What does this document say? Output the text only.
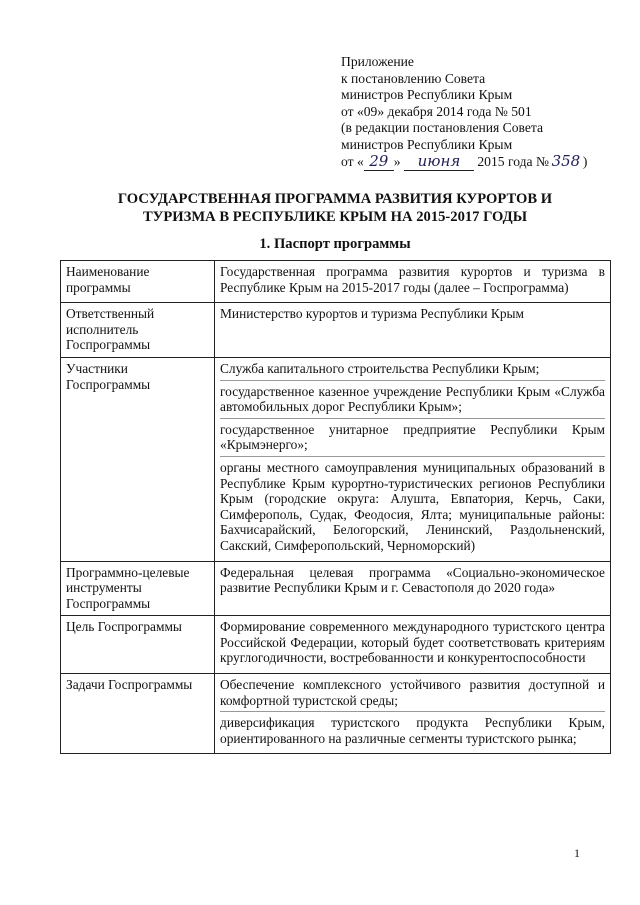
Приложение
к постановлению Совета
министров Республики Крым
от «09» декабря 2014 года № 501
(в редакции постановления Совета
министров Республики Крым
от « 29 » июня 2015 года № 358 )
ГОСУДАРСТВЕННАЯ ПРОГРАММА РАЗВИТИЯ КУРОРТОВ И
ТУРИЗМА В РЕСПУБЛИКЕ КРЫМ НА 2015-2017 ГОДЫ
1. Паспорт программы
Наименование программы	Государственная программа развития курортов и туризма в Республике Крым на 2015-2017 годы (далее – Госпрограмма)

Ответственный исполнитель Госпрограммы	Министерство курортов и туризма Республики Крым

Участники Госпрограммы	Служба капитального строительства Республики Крым;
государственное казенное учреждение Республики Крым «Служба автомобильных дорог Республики Крым»;
государственное унитарное предприятие Республики Крым «Крымэнерго»;
органы местного самоуправления муниципальных образований в Республике Крым курортно-туристических регионов Республики Крым (городские округа: Алушта, Евпатория, Керчь, Саки, Симферополь, Судак, Феодосия, Ялта; муниципальные районы: Бахчисарайский, Белогорский, Ленинский, Раздольненский, Сакский, Симферопольский, Черноморский)

Программно-целевые инструменты Госпрограммы	Федеральная целевая программа «Социально-экономическое развитие Республики Крым и г. Севастополя до 2020 года»

Цель Госпрограммы	Формирование современного международного туристского центра Российской Федерации, который будет соответствовать критериям круглогодичности, востребованности и конкурентоспособности

Задачи Госпрограммы	Обеспечение комплексного устойчивого развития доступной и комфортной туристской среды;
диверсификация туристского продукта Республики Крым, ориентированного на различные сегменты туристского рынка;
1
